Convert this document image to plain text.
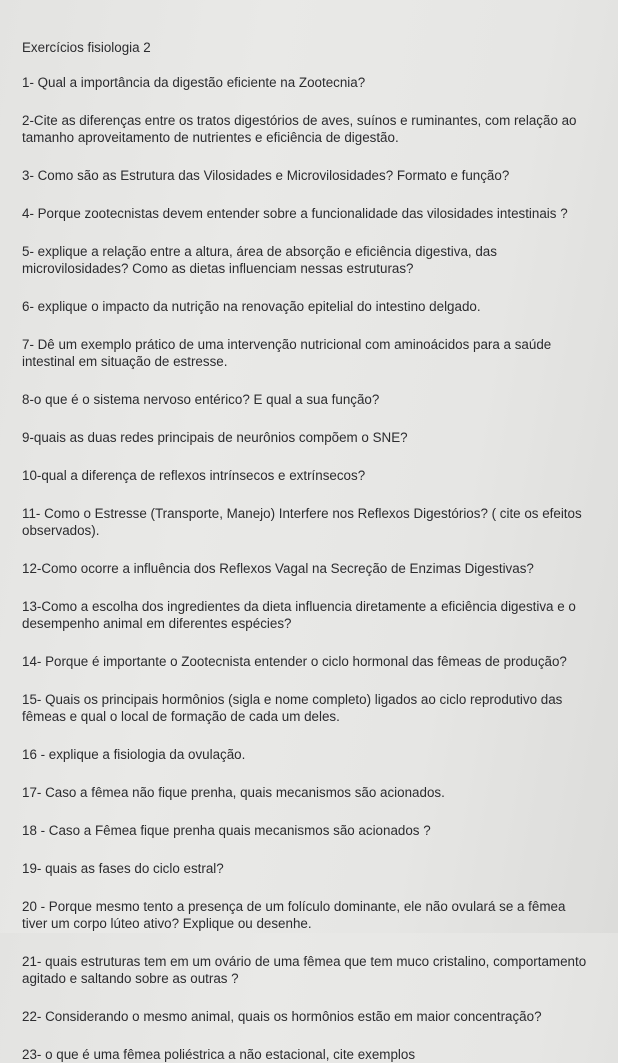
Exercícios fisiologia 2

1- Qual a importância da digestão eficiente na Zootecnia?

2-Cite as diferenças entre os tratos digestórios de aves, suínos e ruminantes, com relação ao tamanho aproveitamento de nutrientes e eficiência de digestão.

3- Como são as Estrutura das Vilosidades e Microvilosidades? Formato e função?

4- Porque zootecnistas devem entender sobre a funcionalidade das vilosidades intestinais ?

5- explique a relação entre a altura, área de absorção e eficiência digestiva, das microvilosidades? Como as dietas influenciam nessas estruturas?

6- explique o impacto da nutrição na renovação epitelial do intestino delgado.

7- Dê um exemplo prático de uma intervenção nutricional com aminoácidos para a saúde intestinal em situação de estresse.

8-o que é o sistema nervoso entérico? E qual a sua função?

9-quais as duas redes principais de neurônios compõem o SNE?

10-qual a diferença de reflexos intrínsecos e extrínsecos?

11- Como o Estresse (Transporte, Manejo) Interfere nos Reflexos Digestórios? ( cite os efeitos observados).

12-Como ocorre a influência dos Reflexos Vagal na Secreção de Enzimas Digestivas?

13-Como a escolha dos ingredientes da dieta influencia diretamente a eficiência digestiva e o desempenho animal em diferentes espécies?

14- Porque é importante o Zootecnista entender o ciclo hormonal das fêmeas de produção?

15- Quais os principais hormônios (sigla e nome completo) ligados ao ciclo reprodutivo das fêmeas e qual o local de formação de cada um deles.

16 - explique a fisiologia da ovulação.

17- Caso a fêmea não fique prenha, quais mecanismos são acionados.

18 - Caso a Fêmea fique prenha quais mecanismos são acionados ?

19- quais as fases do ciclo estral?

20 - Porque mesmo tento a presença de um folículo dominante, ele não ovulará se a fêmea tiver um corpo lúteo ativo? Explique ou desenhe.

21- quais estruturas tem em um ovário de uma fêmea que tem muco cristalino, comportamento agitado e saltando sobre as outras ?

22- Considerando o mesmo animal, quais os hormônios estão em maior concentração?

23- o que é uma fêmea poliéstrica a não estacional, cite exemplos
